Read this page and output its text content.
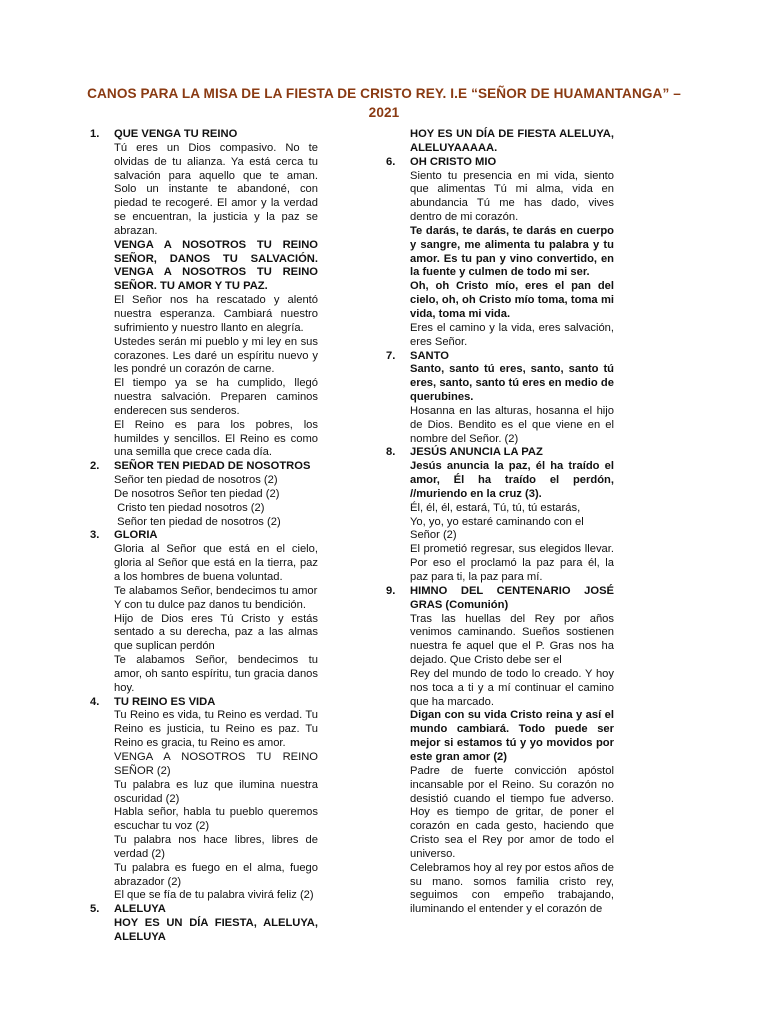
CANOS PARA LA MISA DE LA FIESTA DE CRISTO REY. I.E “SEÑOR DE HUAMANTANGA” – 2021
1.	QUE VENGA TU REINO

Tú eres un Dios compasivo. No te olvidas de tu alianza. Ya está cerca tu salvación para aquello que te aman. Solo un instante te abandoné, con piedad te recogeré. El amor y la verdad se encuentran, la justicia y la paz se abrazan.

VENGA A NOSOTROS TU REINO SEÑOR, DANOS TU SALVACIÓN. VENGA A NOSOTROS TU REINO SEÑOR. TU AMOR Y TU PAZ.

El Señor nos ha rescatado y alentó nuestra esperanza. Cambiará nuestro sufrimiento y nuestro llanto en alegría.

Ustedes serán mi pueblo y mi ley en sus corazones. Les daré un espíritu nuevo y les pondré un corazón de carne.

El tiempo ya se ha cumplido, llegó nuestra salvación. Preparen caminos enderecen sus senderos.

El Reino es para los pobres, los humildes y sencillos. El Reino es como una semilla que crece cada día.

2.	SEÑOR TEN PIEDAD DE NOSOTROS

Señor ten piedad de nosotros (2)

De nosotros Señor ten piedad (2)

Cristo ten piedad nosotros (2)

Señor ten piedad de nosotros (2)

3.	GLORIA

Gloria al Señor que está en el cielo, gloria al Señor que está en la tierra, paz a los hombres de buena voluntad.

Te alabamos Señor, bendecimos tu amor

Y con tu dulce paz danos tu bendición.

Hijo de Dios eres Tú Cristo y estás sentado a su derecha, paz a las almas que suplican perdón

Te alabamos Señor, bendecimos tu amor, oh santo espíritu, tun gracia danos hoy.

4.	TU REINO ES VIDA

Tu Reino es vida, tu Reino es verdad. Tu Reino es justicia, tu Reino es paz. Tu Reino es gracia, tu Reino es amor.

VENGA A NOSOTROS TU REINO SEÑOR (2)

Tu palabra es luz que ilumina nuestra oscuridad (2)

Habla señor, habla tu pueblo queremos escuchar tu voz (2)

Tu palabra nos hace libres, libres de verdad (2)

Tu palabra es fuego en el alma, fuego abrazador (2)

El que se fía de tu palabra vivirá feliz (2)

5.	ALELUYA

HOY ES UN DÍA FIESTA, ALELUYA, ALELUYA

HOY ES UN DÍA DE FIESTA ALELUYA, ALELUYAAAAA.

6.	OH CRISTO MIO

Siento tu presencia en mi vida, siento que alimentas Tú mi alma, vida en abundancia Tú me has dado, vives dentro de mi corazón.

Te darás, te darás, te darás en cuerpo y sangre, me alimenta tu palabra y tu amor. Es tu pan y vino convertido, en la fuente y culmen de todo mi ser.

Oh, oh Cristo mío, eres el pan del cielo, oh, oh Cristo mío toma, toma mi vida, toma mi vida.

Eres el camino y la vida, eres salvación, eres Señor.

7.	SANTO

Santo, santo tú eres, santo, santo tú eres, santo, santo tú eres en medio de querubines.

Hosanna en las alturas, hosanna el hijo de Dios. Bendito es el que viene en el nombre del Señor. (2)

8.	JESÚS ANUNCIA LA PAZ

Jesús anuncia la paz, él ha traído el amor, Él ha traído el perdón, //muriendo en la cruz (3).

Él, él, él, estará, Tú, tú, tú estarás,

Yo, yo, yo estaré caminando con el Señor (2)

El prometió regresar, sus elegidos llevar. Por eso el proclamó la paz para él, la paz para ti, la paz para mí.

9.	HIMNO DEL CENTENARIO JOSÉ GRAS (Comunión)

Tras las huellas del Rey por años venimos caminando. Sueños sostienen nuestra fe aquel que el P. Gras nos ha dejado. Que Cristo debe ser el

Rey del mundo de todo lo creado. Y hoy nos toca a ti y a mí continuar el camino que ha marcado.

Digan con su vida Cristo reina y así el mundo cambiará. Todo puede ser mejor si estamos tú y yo movidos por este gran amor (2)

Padre de fuerte convicción apóstol incansable por el Reino. Su corazón no desistió cuando el tiempo fue adverso. Hoy es tiempo de gritar, de poner el corazón en cada gesto, haciendo que Cristo sea el Rey por amor de todo el universo.

Celebramos hoy al rey por estos años de su mano. somos familia cristo rey, seguimos con empeño trabajando, iluminando el entender y el corazón de
